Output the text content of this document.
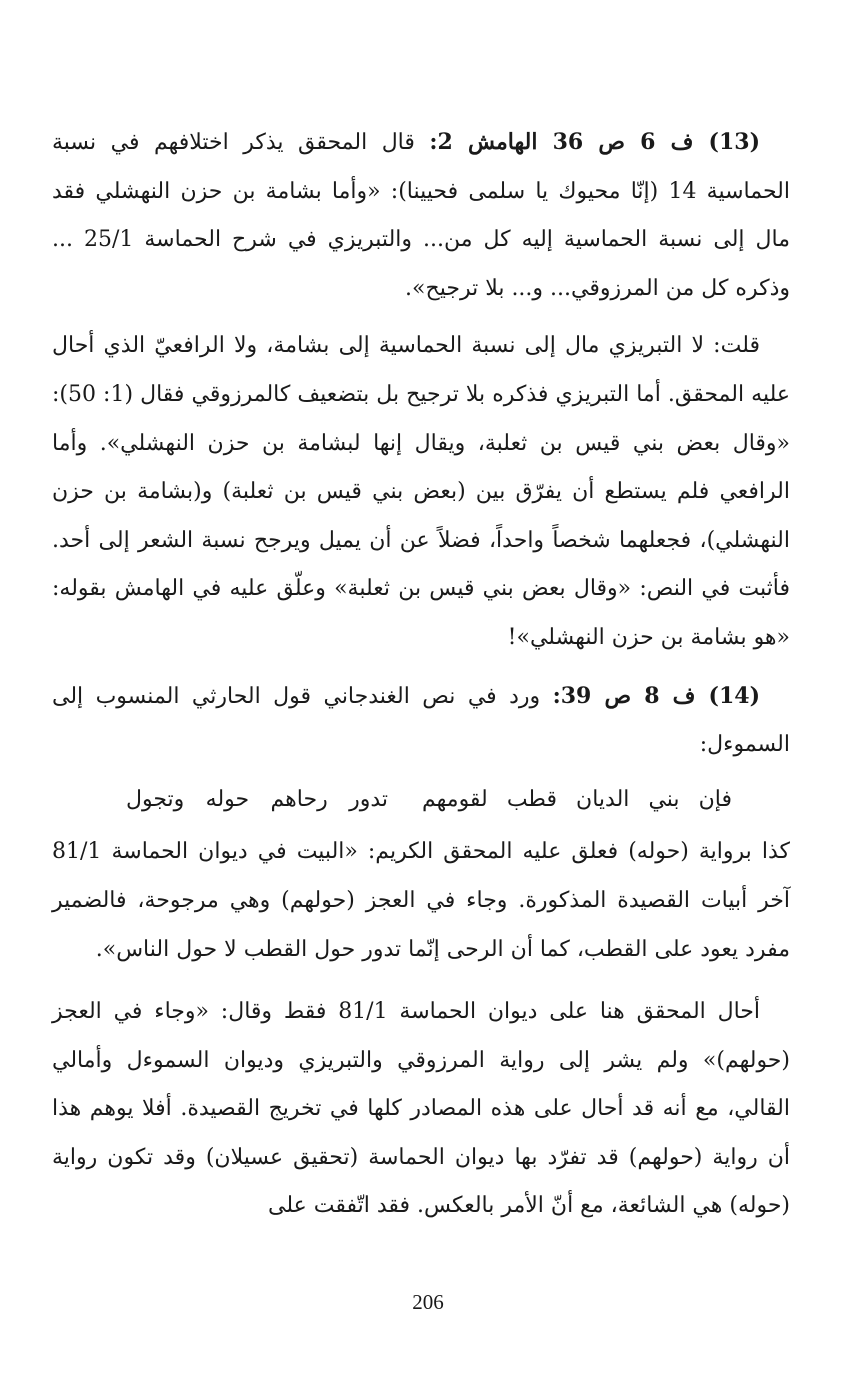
(13) ف 6 ص 36 الهامش 2: قال المحقق يذكر اختلافهم في نسبة الحماسية 14 (إنّا محيوك يا سلمى فحيينا): «وأما بشامة بن حزن النهشلي فقد مال إلى نسبة الحماسية إليه كل من... والتبريزي في شرح الحماسة 25/1 ... وذكره كل من المرزوقي... و... بلا ترجيح».

قلت: لا التبريزي مال إلى نسبة الحماسية إلى بشامة، ولا الرافعيّ الذي أحال عليه المحقق. أما التبريزي فذكره بلا ترجيح بل بتضعيف كالمرزوقي فقال (1: 50): «وقال بعض بني قيس بن ثعلبة، ويقال إنها لبشامة بن حزن النهشلي». وأما الرافعي فلم يستطع أن يفرّق بين (بعض بني قيس بن ثعلبة) و(بشامة بن حزن النهشلي)، فجعلهما شخصاً واحداً، فضلاً عن أن يميل ويرجح نسبة الشعر إلى أحد. فأثبت في النص: «وقال بعض بني قيس بن ثعلبة» وعلّق عليه في الهامش بقوله: «هو بشامة بن حزن النهشلي»!

(14) ف 8 ص 39: ورد في نص الغندجاني قول الحارثي المنسوب إلى السموءل:

فإن بني الديان قطب لقومهم
تدور رحاهم حوله وتجول

كذا برواية (حوله) فعلق عليه المحقق الكريم: «البيت في ديوان الحماسة 81/1 آخر أبيات القصيدة المذكورة. وجاء في العجز (حولهم) وهي مرجوحة، فالضمير مفرد يعود على القطب، كما أن الرحى إنّما تدور حول القطب لا حول الناس».

أحال المحقق هنا على ديوان الحماسة 81/1 فقط وقال: «وجاء في العجز (حولهم)» ولم يشر إلى رواية المرزوقي والتبريزي وديوان السموءل وأمالي القالي، مع أنه قد أحال على هذه المصادر كلها في تخريج القصيدة. أفلا يوهم هذا أن رواية (حولهم) قد تفرّد بها ديوان الحماسة (تحقيق عسيلان) وقد تكون رواية (حوله) هي الشائعة، مع أنّ الأمر بالعكس. فقد اتّفقت على

206
